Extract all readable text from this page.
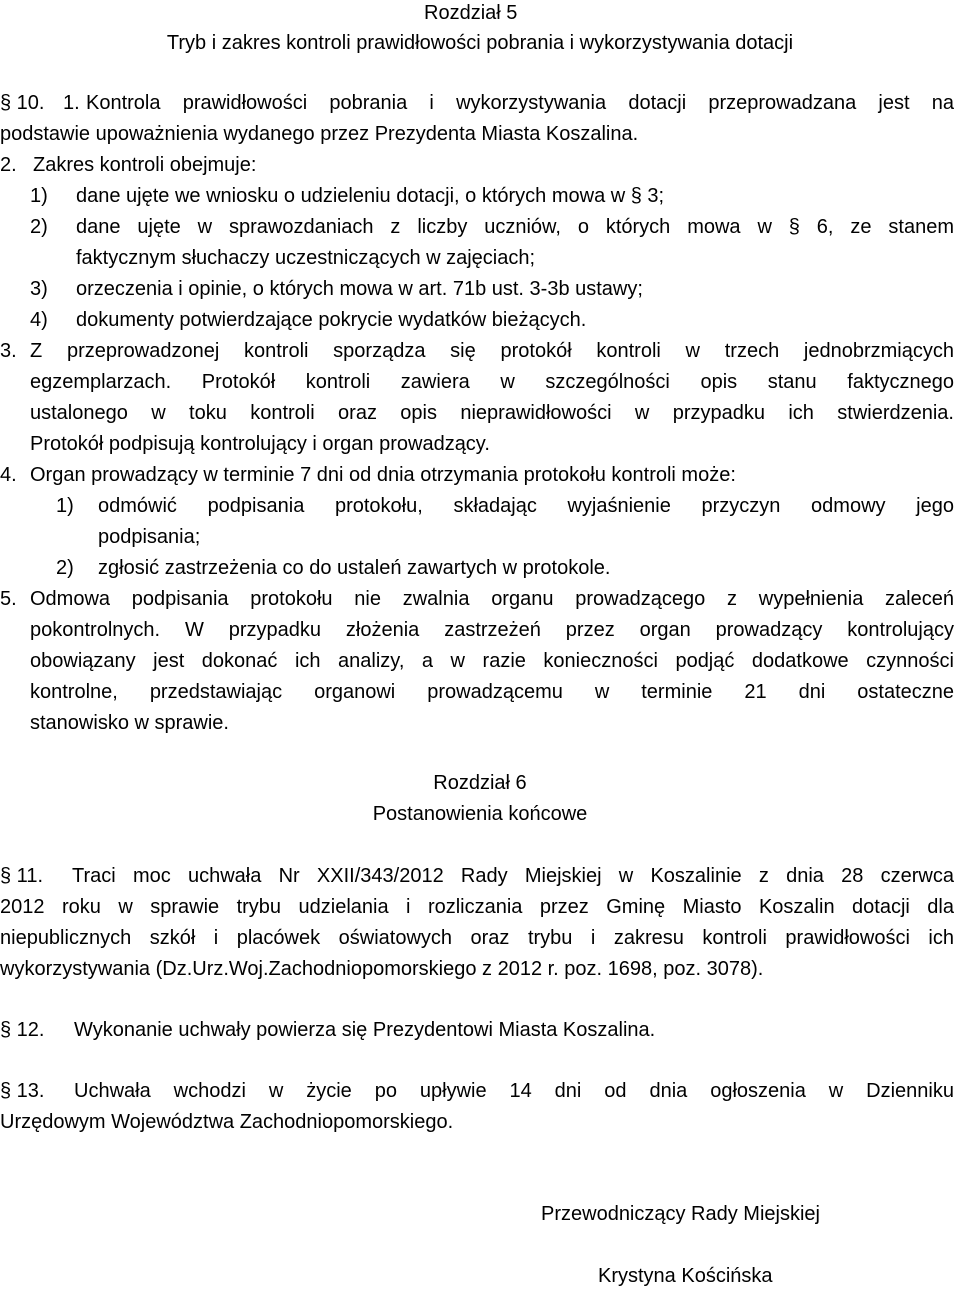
Rozdział 5
Tryb i zakres kontroli prawidłowości pobrania i wykorzystywania dotacji
§ 10. 1. Kontrola prawidłowości pobrania i wykorzystywania dotacji przeprowadzana jest na
podstawie upoważnienia wydanego przez Prezydenta Miasta Koszalina.
2. Zakres kontroli obejmuje:
1) dane ujęte we wniosku o udzieleniu dotacji, o których mowa w § 3;
2) dane ujęte w sprawozdaniach z liczby uczniów, o których mowa w § 6, ze stanem
faktycznym słuchaczy uczestniczących w zajęciach;
3) orzeczenia i opinie, o których mowa w art. 71b ust. 3-3b ustawy;
4) dokumenty potwierdzające pokrycie wydatków bieżących.
3. Z przeprowadzonej kontroli sporządza się protokół kontroli w trzech jednobrzmiących
egzemplarzach. Protokół kontroli zawiera w szczególności opis stanu faktycznego
ustalonego w toku kontroli oraz opis nieprawidłowości w przypadku ich stwierdzenia.
Protokół podpisują kontrolujący i organ prowadzący.
4. Organ prowadzący w terminie 7 dni od dnia otrzymania protokołu kontroli może:
1) odmówić podpisania protokołu, składając wyjaśnienie przyczyn odmowy jego
podpisania;
2) zgłosić zastrzeżenia co do ustaleń zawartych w protokole.
5. Odmowa podpisania protokołu nie zwalnia organu prowadzącego z wypełnienia zaleceń
pokontrolnych. W przypadku złożenia zastrzeżeń przez organ prowadzący kontrolujący
obowiązany jest dokonać ich analizy, a w razie konieczności podjąć dodatkowe czynności
kontrolne, przedstawiając organowi prowadzącemu w terminie 21 dni ostateczne
stanowisko w sprawie.
Rozdział 6
Postanowienia końcowe
§ 11. Traci moc uchwała Nr XXII/343/2012 Rady Miejskiej w Koszalinie z dnia 28 czerwca
2012 roku w sprawie trybu udzielania i rozliczania przez Gminę Miasto Koszalin dotacji dla
niepublicznych szkół i placówek oświatowych oraz trybu i zakresu kontroli prawidłowości ich
wykorzystywania (Dz.Urz.Woj.Zachodniopomorskiego z 2012 r. poz. 1698, poz. 3078).
§ 12. Wykonanie uchwały powierza się Prezydentowi Miasta Koszalina.
§ 13. Uchwała wchodzi w życie po upływie 14 dni od dnia ogłoszenia w Dzienniku
Urzędowym Województwa Zachodniopomorskiego.
Przewodniczący Rady Miejskiej
Krystyna Kościńska
